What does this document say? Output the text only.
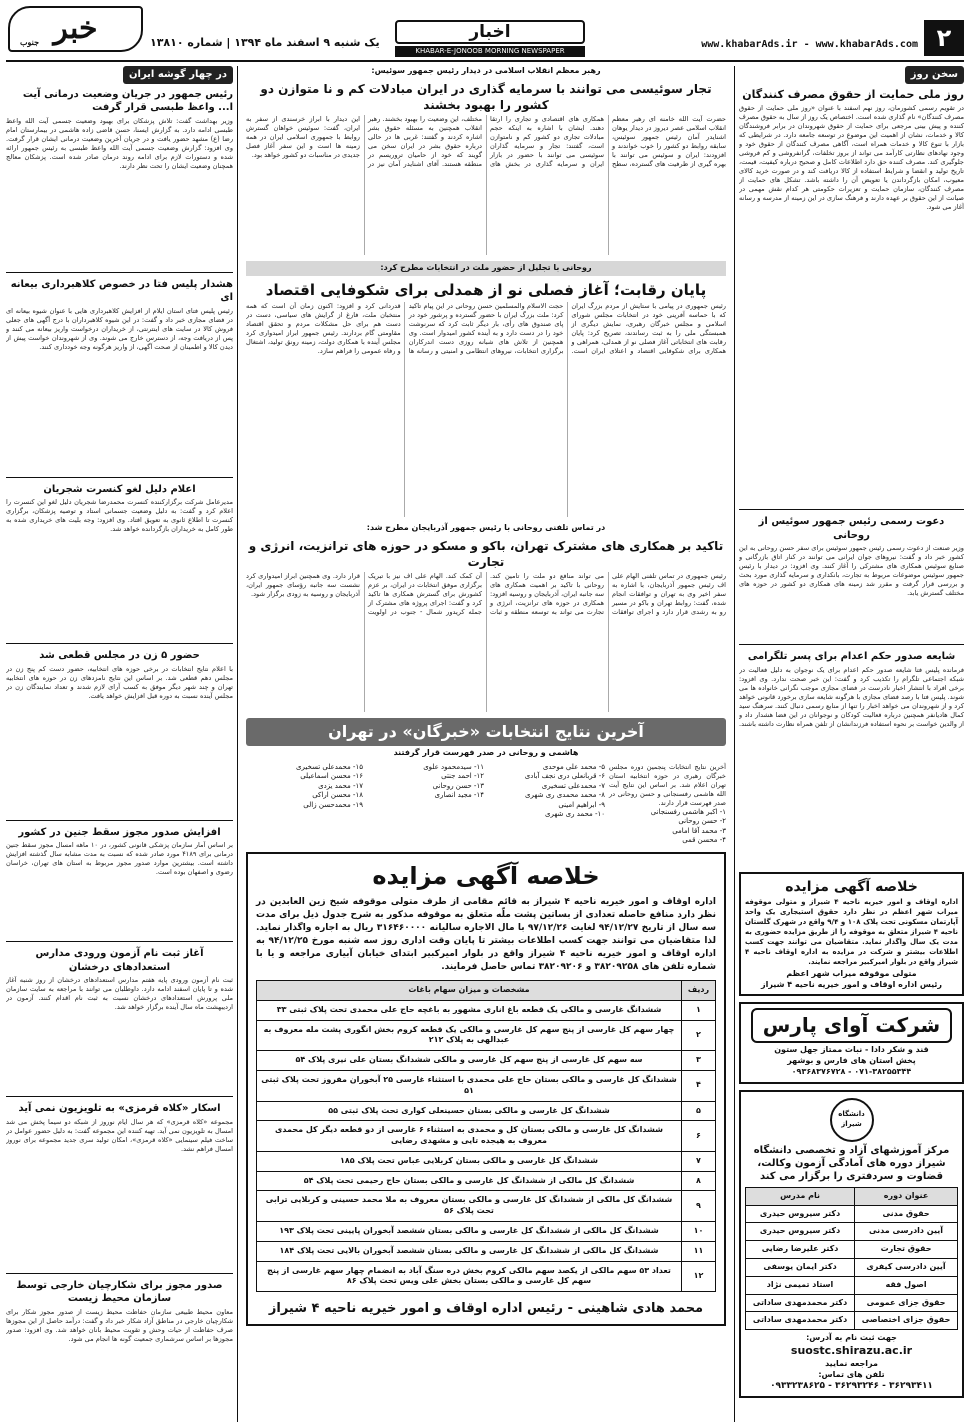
۲
www.khabarAds.ir - www.khabarAds.com
اخبار
KHABAR-E-JONOOB MORNING NEWSPAPER
یک شنبه ۹ اسفند ماه ۱۳۹۴ | شماره ۱۳۸۱۰
خبر
جنوب
سخن روز
روز ملی حمایت از حقوق مصرف کنندگان
در تقویم رسمی کشورمان، روز نهم اسفند با عنوان «روز ملی حمایت از حقوق مصرف کنندگان» نام گذاری شده است. اختصاص یک روز از سال به حقوق مصرف کننده و پیش بینی مرجعی برای حمایت از حقوق شهروندان در برابر فروشندگان کالا و خدمات، نشان از اهمیت این موضوع در توسعه جامعه دارد. در شرایطی که بازار با تنوع کالا و خدمات همراه است، آگاهی مصرف کنندگان از حقوق خود و وجود نهادهای نظارتی کارآمد می تواند از بروز تخلفات، گرانفروشی و کم فروشی جلوگیری کند. مصرف کننده حق دارد اطلاعات کامل و صحیح درباره کیفیت، قیمت، تاریخ تولید و انقضا و شرایط استفاده از کالا دریافت کند و در صورت خرید کالای معیوب، امکان بازگرداندن یا تعویض آن را داشته باشد. تشکل های حمایت از مصرف کنندگان، سازمان حمایت و تعزیرات حکومتی هر کدام نقش مهمی در صیانت از این حقوق بر عهده دارند و فرهنگ سازی در این زمینه از مدرسه و رسانه آغاز می شود.
دعوت رسمی رئیس جمهور سوئیس از روحانی
وزیر صنعت از دعوت رسمی رئیس جمهور سوئیس برای سفر حسن روحانی به این کشور خبر داد و گفت: نیروهای جوان ایرانی می توانند در کنار اتاق بازرگانی و صنایع سوئیس همکاری های مشترکی را آغاز کنند. وی افزود: در دیدار با رئیس جمهور سوئیس موضوعات مربوط به تجارت، بانکداری و سرمایه گذاری مورد بحث و بررسی قرار گرفت و مقرر شد زمینه های همکاری دو کشور در حوزه های مختلف گسترش یابد.
شایعه صدور حکم اعدام برای پسر تلگرامی
فرمانده پلیس فتا شایعه صدور حکم اعدام برای یک نوجوان به دلیل فعالیت در شبکه اجتماعی تلگرام را تکذیب کرد و گفت: این خبر صحت ندارد. وی افزود: برخی افراد با انتشار اخبار نادرست در فضای مجازی موجب نگرانی خانواده ها می شوند. پلیس فتا با رصد فضای مجازی با هرگونه شایعه سازی برخورد قانونی خواهد کرد و از شهروندان می خواهد اخبار را تنها از منابع رسمی دنبال کنند. سرهنگ سید کمال هادیانفر همچنین درباره فعالیت کودکان و نوجوانان در این فضا هشدار داد و از والدین خواست بر نحوه استفاده فرزندانشان از تلفن همراه نظارت داشته باشند.
خلاصه آگهی مزایده
اداره اوقاف و امور خیریه ناحیه ۴ شیراز و متولی موقوفه میراب شهر اعظم در نظر دارد حقوق استیجاری یک واحد آپارتمان مسکونی تحت پلاک ۱۰۸ و ۹/۴ واقع در شهرک گلستان ناحیه ۴ شیراز متعلق به موقوفه را از طریق مزایده حضوری به مدت یک سال واگذار نماید. متقاضیان می توانند جهت کسب اطلاعات بیشتر و شرکت در مزایده به اداره اوقاف ناحیه ۴ شیراز واقع در بلوار امیرکبیر مراجعه نمایند.
متولی موقوفه میراب شهر اعظم
رئیس اداره اوقاف و امور خیریه ناحیه ۴ شیراز
شرکت آوای پارس
قند و شکر دادا - نبات ممتاز جهل ستون
پخش استان های فارس و بوشهر
۰۷۱-۳۸۲۵۵۳۴۴ - ۰۹۳۶۸۳۷۶۷۲۸
دانشگاه شیراز
مرکز آموزشهای آزاد و تخصصی دانشگاه شیراز دوره های آمادگی آزمون وکالت، قضاوت و سردفتری را برگزار می کند
عنوان دوره	نام مدرس
حقوق مدنی	دکتر سیروس حیدری
آیین دادرسی مدنی	دکتر سیروس حیدری
حقوق تجارت	دکتر علیرضا رضایی
آیین دادرسی کیفری	دکتر ایمان یوسفی
اصول فقه	استاد تمیمی نژاد
حقوق جزای عمومی	دکتر محمدمهدی ساداتی
حقوق جزای اختصاصی	دکتر محمدمهدی ساداتی
جهت ثبت نام به آدرس:
suostc.shirazu.ac.ir
مراجعه نمایید
تلفن های تماس:
۳۶۲۹۳۴۱۱ - ۳۶۲۹۳۲۴۶ - ۰۹۳۳۲۳۸۶۲۵
رهبر معظم انقلاب اسلامی در دیدار رئیس جمهور سوئیس:
تجار سوئیسی می توانند با سرمایه گذاری در ایران مبادلات کم و نا متوازن دو کشور را بهبود بخشند
حضرت آیت الله خامنه ای رهبر معظم انقلاب اسلامی عصر دیروز در دیدار یوهان اشنایدر آمان رئیس جمهور سوئیس، سابقه روابط دو کشور را خوب خواندند و افزودند: ایران و سوئیس می توانند با بهره گیری از ظرفیت های گسترده، سطح همکاری های اقتصادی و تجاری را ارتقا دهند. ایشان با اشاره به اینکه حجم مبادلات تجاری دو کشور کم و نامتوازن است، گفتند: تجار و سرمایه گذاران سوئیسی می توانند با حضور در بازار ایران و سرمایه گذاری در بخش های مختلف، این وضعیت را بهبود بخشند. رهبر انقلاب همچنین به مسئله حقوق بشر اشاره کردند و گفتند: غربی ها در حالی درباره حقوق بشر در ایران سخن می گویند که خود از حامیان تروریسم در منطقه هستند. آقای اشنایدر آمان نیز در این دیدار با ابراز خرسندی از سفر به ایران، گفت: سوئیس خواهان گسترش روابط با جمهوری اسلامی ایران در همه زمینه ها است و این سفر آغاز فصل جدیدی در مناسبات دو کشور خواهد بود.
روحانی با تجلیل از حضور ملت در انتخابات مطرح کرد:
پایان رقابت؛ آغاز فصلی نو از همدلی برای شکوفایی اقتصاد
رئیس جمهوری در پیامی با ستایش از مردم بزرگ ایران که با حماسه آفرینی خود در انتخابات مجلس شورای اسلامی و مجلس خبرگان رهبری، نمایش دیگری از همبستگی ملی را به ثبت رساندند، تصریح کرد: پایان رقابت های انتخاباتی آغاز فصلی نو از همدلی، همراهی و همکاری برای شکوفایی اقتصاد و اعتلای ایران است. حجت الاسلام والمسلمین حسن روحانی در این پیام تاکید کرد: ملت بزرگ ایران با حضور گسترده و پرشور خود در پای صندوق های رأی، بار دیگر ثابت کرد که سرنوشت خود را در دست دارد و به آینده کشور امیدوار است. وی همچنین از تلاش های شبانه روزی دست اندرکاران برگزاری انتخابات، نیروهای انتظامی و امنیتی و رسانه ها قدردانی کرد و افزود: اکنون زمان آن است که همه منتخبان ملت، فارغ از گرایش های سیاسی، دست در دست هم برای حل مشکلات مردم و تحقق اقتصاد مقاومتی گام بردارند. رئیس جمهور ابراز امیدواری کرد مجلس آینده با همکاری دولت، زمینه رونق تولید، اشتغال و رفاه عمومی را فراهم سازد.
در تماس تلفنی روحانی با رئیس جمهور آذربایجان مطرح شد:
تاکید بر همکاری های مشترک تهران، باکو و مسکو در حوزه های ترانزیت، انرژی و تجارت
رئیس جمهوری در تماس تلفنی الهام علی اف رئیس جمهور آذربایجان، با اشاره به سفر اخیر وی به تهران و توافقات انجام شده، گفت: روابط تهران و باکو در مسیر رو به رشدی قرار دارد و اجرای توافقات می تواند منافع دو ملت را تامین کند. روحانی با تاکید بر اهمیت همکاری های سه جانبه ایران، آذربایجان و روسیه افزود: همکاری در حوزه های ترانزیت، انرژی و تجارت می تواند به توسعه منطقه و ثبات آن کمک کند. الهام علی اف نیز با تبریک برگزاری موفق انتخابات در ایران، بر عزم کشورش برای گسترش همکاری ها تاکید کرد و گفت: اجرای پروژه های مشترک از جمله کریدور شمال - جنوب در اولویت قرار دارد. وی همچنین ابراز امیدواری کرد نشست سه جانبه رؤسای جمهور ایران، آذربایجان و روسیه به زودی برگزار شود.
آخرین نتایج انتخابات «خبرگان» در تهران
هاشمی و روحانی در صدر فهرست قرار گرفتند
آخرین نتایج انتخابات پنجمین دوره مجلس خبرگان رهبری در حوزه انتخابیه استان تهران اعلام شد. بر اساس این نتایج آیت الله هاشمی رفسنجانی و حسن روحانی در صدر فهرست قرار دارند.
۱- اکبر هاشمی رفسنجانی
۲- حسن روحانی
۳- محمد آقا امامی
۴- محسن قمی
۵- محمد علی موحدی
۶- قربانعلی دری نجف آبادی
۷- محمدعلی تسخیری
۸- محمد محمدی ری شهری
۹- ابراهیم امینی
۱۰- محمد ری شهری
۱۱- سیدمحمود علوی
۱۲- احمد جنتی
۱۳- حسن روحانی
۱۴- مجید انصاری
۱۵- محمدعلی تسخیری
۱۶- محسن اسماعیلی
۱۷- محمد یزدی
۱۸- محسن اراکی
۱۹- محمدحسن زالی
خلاصه آگهی مزایده
اداره اوقاف و امور خیریه ناحیه ۴ شیراز به قائم مقامی از طرف متولی موقوفه شیخ زین العابدین در نظر دارد منافع حاصله تعدادی از بساتین پشت ملّه متعلق به موقوفه مذکور به شرح جدول ذیل برای مدت سه سال از تاریخ ۹۴/۱۲/۲۷ لغایت ۹۷/۱۲/۲۶ با مال الاجاره سالیانه ۳۱۶۴۶۰۰۰۰ ریال به اجاره واگذار نماید. لذا متقاضیان می توانند جهت کسب اطلاعات بیشتر تا پایان وقت اداری روز سه شنبه مورخ ۹۴/۱۲/۲۵ به اداره اوقاف و امور خیریه ناحیه ۴ شیراز واقع در بلوار امیرکبیر ابتدای خیابان آبیاری مراجعه و یا با شماره تلفن های ۳۸۲۰۹۲۵۸ و ۳۸۲۰۹۲۰۶ تماس حاصل فرمایند.
ردیف	مشخصات و میزان سهام باغات
۱	ششدانگ غارسی و مالکی یک قطعه باغ اناری مشهور به باغچه حاج علی محمدی تحت پلاک ثبتی ۳۳
۲	چهار سهم کل غارسی از پنج سهم کل غارسی و مالکی یک قطعه کروم بخش انگوری پشت مله معروف به عبدالهی به پلاک ۲۱۲
۳	سه سهم کل غارسی از پنج سهم کل غارسی و مالکی ششدانگ بستان علی نیری پلاک ۵۴
۴	ششدانگ کل غارسی و مالکی بستان حاج علی محمدی با استثناء غارسی ۲۵ آبخوران مفروز تحت پلاک ثبتی ۵۱
۵	ششدانگ کل غارسی و مالکی بستان حسینعلی کواری تحت پلاک ثبتی ۵۵
۶	ششدانگ کل غارسی و مالکی بستان کل و محمدی به استثناء ۶ غارسی از دو قطعه دیگر کل محمدی معروف به هیجده تایی و مشهدی رضایی
۷	ششدانگ کل غارسی و مالکی بستان کربلایی عباس تحت پلاک ۱۸۵
۸	ششدانگ کل مالکی از ششدانگ کل غارسی و مالکی بستان حاج رحیمی تحت پلاک ۵۴
۹	ششدانگ کل مالکی از ششدانگ کل غارسی و مالکی بستان معروف به ملا محمد حسینی و کربلایی ترابی تحت پلاک ۵۶
۱۰	ششدانگ کل مالکی از ششدانگ کل غارسی و مالکی بستان ششصد آبخوران پایینی تحت پلاک ۱۹۳
۱۱	ششدانگ کل مالکی از ششدانگ کل غارسی و مالکی بستان ششصد آبخوران بالایی تحت پلاک ۱۸۴
۱۲	تعداد ۵۳ سهم مالکی از یکصد سهم مالکی کروم بخش دره سنگ آباد به انضمام چهار سهم غارسی از پنج سهم کل غارسی و مالکی بستان بخش علی ویس تحت پلاک ۸۶
محمد هادی شاهینی - رئیس اداره اوقاف و امور خیریه ناحیه ۴ شیراز
در چهار گوشه ایران
رئیس جمهور در جریان وضعیت درمانی آیت ا... واعظ طبسی قرار گرفت
وزیر بهداشت گفت: تلاش پزشکان برای بهبود وضعیت جسمی آیت الله واعظ طبسی ادامه دارد. به گزارش ایسنا، حسن قاضی زاده هاشمی در بیمارستان امام رضا (ع) مشهد حضور یافت و در جریان آخرین وضعیت درمانی ایشان قرار گرفت. وی افزود: گزارش وضعیت جسمی آیت الله واعظ طبسی به رئیس جمهور ارائه شده و دستورات لازم برای ادامه روند درمان صادر شده است. پزشکان معالج همچنان وضعیت ایشان را تحت نظر دارند.
هشدار پلیس فتا در خصوص کلاهبرداری بیعانه ای
رئیس پلیس فتای استان ایلام از افزایش کلاهبرداری هایی با عنوان شیوه بیعانه ای در فضای مجازی خبر داد و گفت: در این شیوه کلاهبرداران با درج آگهی های جعلی فروش کالا در سایت های اینترنتی، از خریداران درخواست واریز بیعانه می کنند و پس از دریافت وجه، از دسترس خارج می شوند. وی از شهروندان خواست پیش از دیدن کالا و اطمینان از صحت آگهی، از واریز هرگونه وجه خودداری کنند.
اعلام دلیل لغو کنسرت شجریان
مدیرعامل شرکت برگزارکننده کنسرت محمدرضا شجریان دلیل لغو این کنسرت را اعلام کرد و گفت: به دلیل وضعیت جسمانی استاد و توصیه پزشکان، برگزاری کنسرت تا اطلاع ثانوی به تعویق افتاد. وی افزود: وجه بلیت های خریداری شده به طور کامل به خریداران بازگردانده خواهد شد.
حضور ۵ زن در مجلس قطعی شد
با اعلام نتایج انتخابات در برخی حوزه های انتخابیه، حضور دست کم پنج زن در مجلس دهم قطعی شد. بر اساس این نتایج نامزدهای زن در حوزه های انتخابیه تهران و چند شهر دیگر موفق به کسب آرای لازم شدند و تعداد نمایندگان زن در مجلس آینده نسبت به دوره قبل افزایش خواهد یافت.
افزایش صدور مجوز سقط جنین در کشور
بر اساس آمار سازمان پزشکی قانونی کشور، در ۱۰ ماهه امسال مجوز سقط جنین درمانی برای ۴۱۸۹ مورد صادر شده که نسبت به مدت مشابه سال گذشته افزایش داشته است. بیشترین موارد صدور مجوز مربوط به استان های تهران، خراسان رضوی و اصفهان بوده است.
آغاز ثبت نام آزمون ورودی مدارس استعدادهای درخشان
ثبت نام آزمون ورودی پایه هفتم مدارس استعدادهای درخشان از روز شنبه آغاز شده و تا پایان اسفند ادامه دارد. داوطلبان می توانند با مراجعه به سایت سازمان ملی پرورش استعدادهای درخشان نسبت به ثبت نام اقدام کنند. آزمون در اردیبهشت ماه سال آینده برگزار خواهد شد.
اسکار «کلاه قرمزی» به تلویزیون نمی آید
مجموعه «کلاه قرمزی» که هر سال ایام نوروز از شبکه دو سیما پخش می شد امسال به تلویزیون نمی آید. تهیه کننده این مجموعه گفت: به دلیل حضور عوامل در ساخت فیلم سینمایی «کلاه قرمزی»، امکان تولید سری جدید مجموعه برای نوروز امسال فراهم نشد.
صدور مجوز برای شکارچیان خارجی توسط سازمان محیط زیست
معاون محیط طبیعی سازمان حفاظت محیط زیست از صدور مجوز شکار برای شکارچیان خارجی در مناطق آزاد شکار خبر داد و گفت: درآمد حاصل از این مجوزها صرف حفاظت از حیات وحش و تقویت محیط بانان خواهد شد. وی افزود: صدور مجوزها بر اساس سرشماری جمعیت گونه ها انجام می شود.
